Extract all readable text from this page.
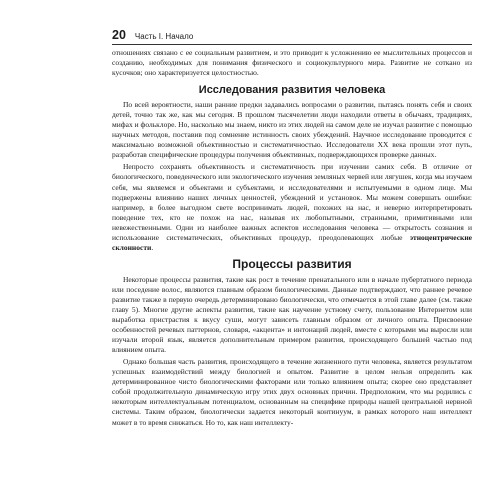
20 Часть I. Начало

отношениях связано с ее социальным развитием, и это приводит к усложнению ее мыслительных процессов и созданию, необходимых для понимания физического и социокультурного мира. Развитие не соткано из кусочков; оно характеризуется целостностью.

Исследования развития человека

По всей вероятности, наши ранние предки задавались вопросами о развитии, пытаясь понять себя и своих детей, точно так же, как мы сегодня. В прошлом тысячелетии люди находили ответы в обычаях, традициях, мифах и фольклоре. Но, насколько мы знаем, никто из этих людей на самом деле не изучал развитие с помощью научных методов, поставив под сомнение истинность своих убеждений. Научное исследование проводится с максимально возможной объективностью и систематичностью. Исследователи XX века прошли этот путь, разработав специфические процедуры получения объективных, подверждающихся проверке данных.

Непросто сохранять объективность и систематичность при изучении самих себя. В отличие от биологического, поведенческого или экологического изучения земляных червей или лягушек, когда мы изучаем себя, мы являемся и объектами и субъектами, и исследователями и испытуемыми в одном лице. Мы подвержены влиянию наших личных ценностей, убеждений и установок. Мы можем совершать ошибки: например, в более выгодном свете воспринимать людей, похожих на нас, и неверно интерпретировать поведение тех, кто не похож на нас, называя их любопытными, странными, примитивными или невежественными. Одни из наиболее важных аспектов исследования человека — открытость сознания и использование систематических, объективных процедур, преодолевающих любые этноцентрические склонности.

Процессы развития

Некоторые процессы развития, такие как рост в течение пренатального или в начале пубертатного периода или поседение волос, являются главным образом биологическими. Данные подтверждают, что раннее речевое развитие также в первую очередь детерминировано биологически, что отмечается в этой главе далее (см. также главу 5). Многие другие аспекты развития, такие как научение устному счету, пользование Интернетом или выработка пристрастия к вкусу суши, могут зависеть главным образом от личного опыта. Присвоение особенностей речевых паттернов, словаря, «акцента» и интонаций людей, вместе с которыми мы выросли или изучали второй язык, является дополнительным примером развития, происходящего большей частью под влиянием опыта.

Однако большая часть развития, происходящего в течение жизненного пути человека, является результатом успешных взаимодействий между биологией и опытом. Развитие в целом нельзя определить как детерминированное чисто биологическими факторами или только влиянием опыта; скорее оно представляет собой продолжительную динамическую игру этих двух основных причин. Предположим, что мы родились с некоторым интеллектуальным потенциалом, основанным на специфике природы нашей центральной нервной системы. Таким образом, биологически задается некоторый континуум, в рамках которого наш интеллект может в то время снижаться. Но то, как наш интеллекту-
